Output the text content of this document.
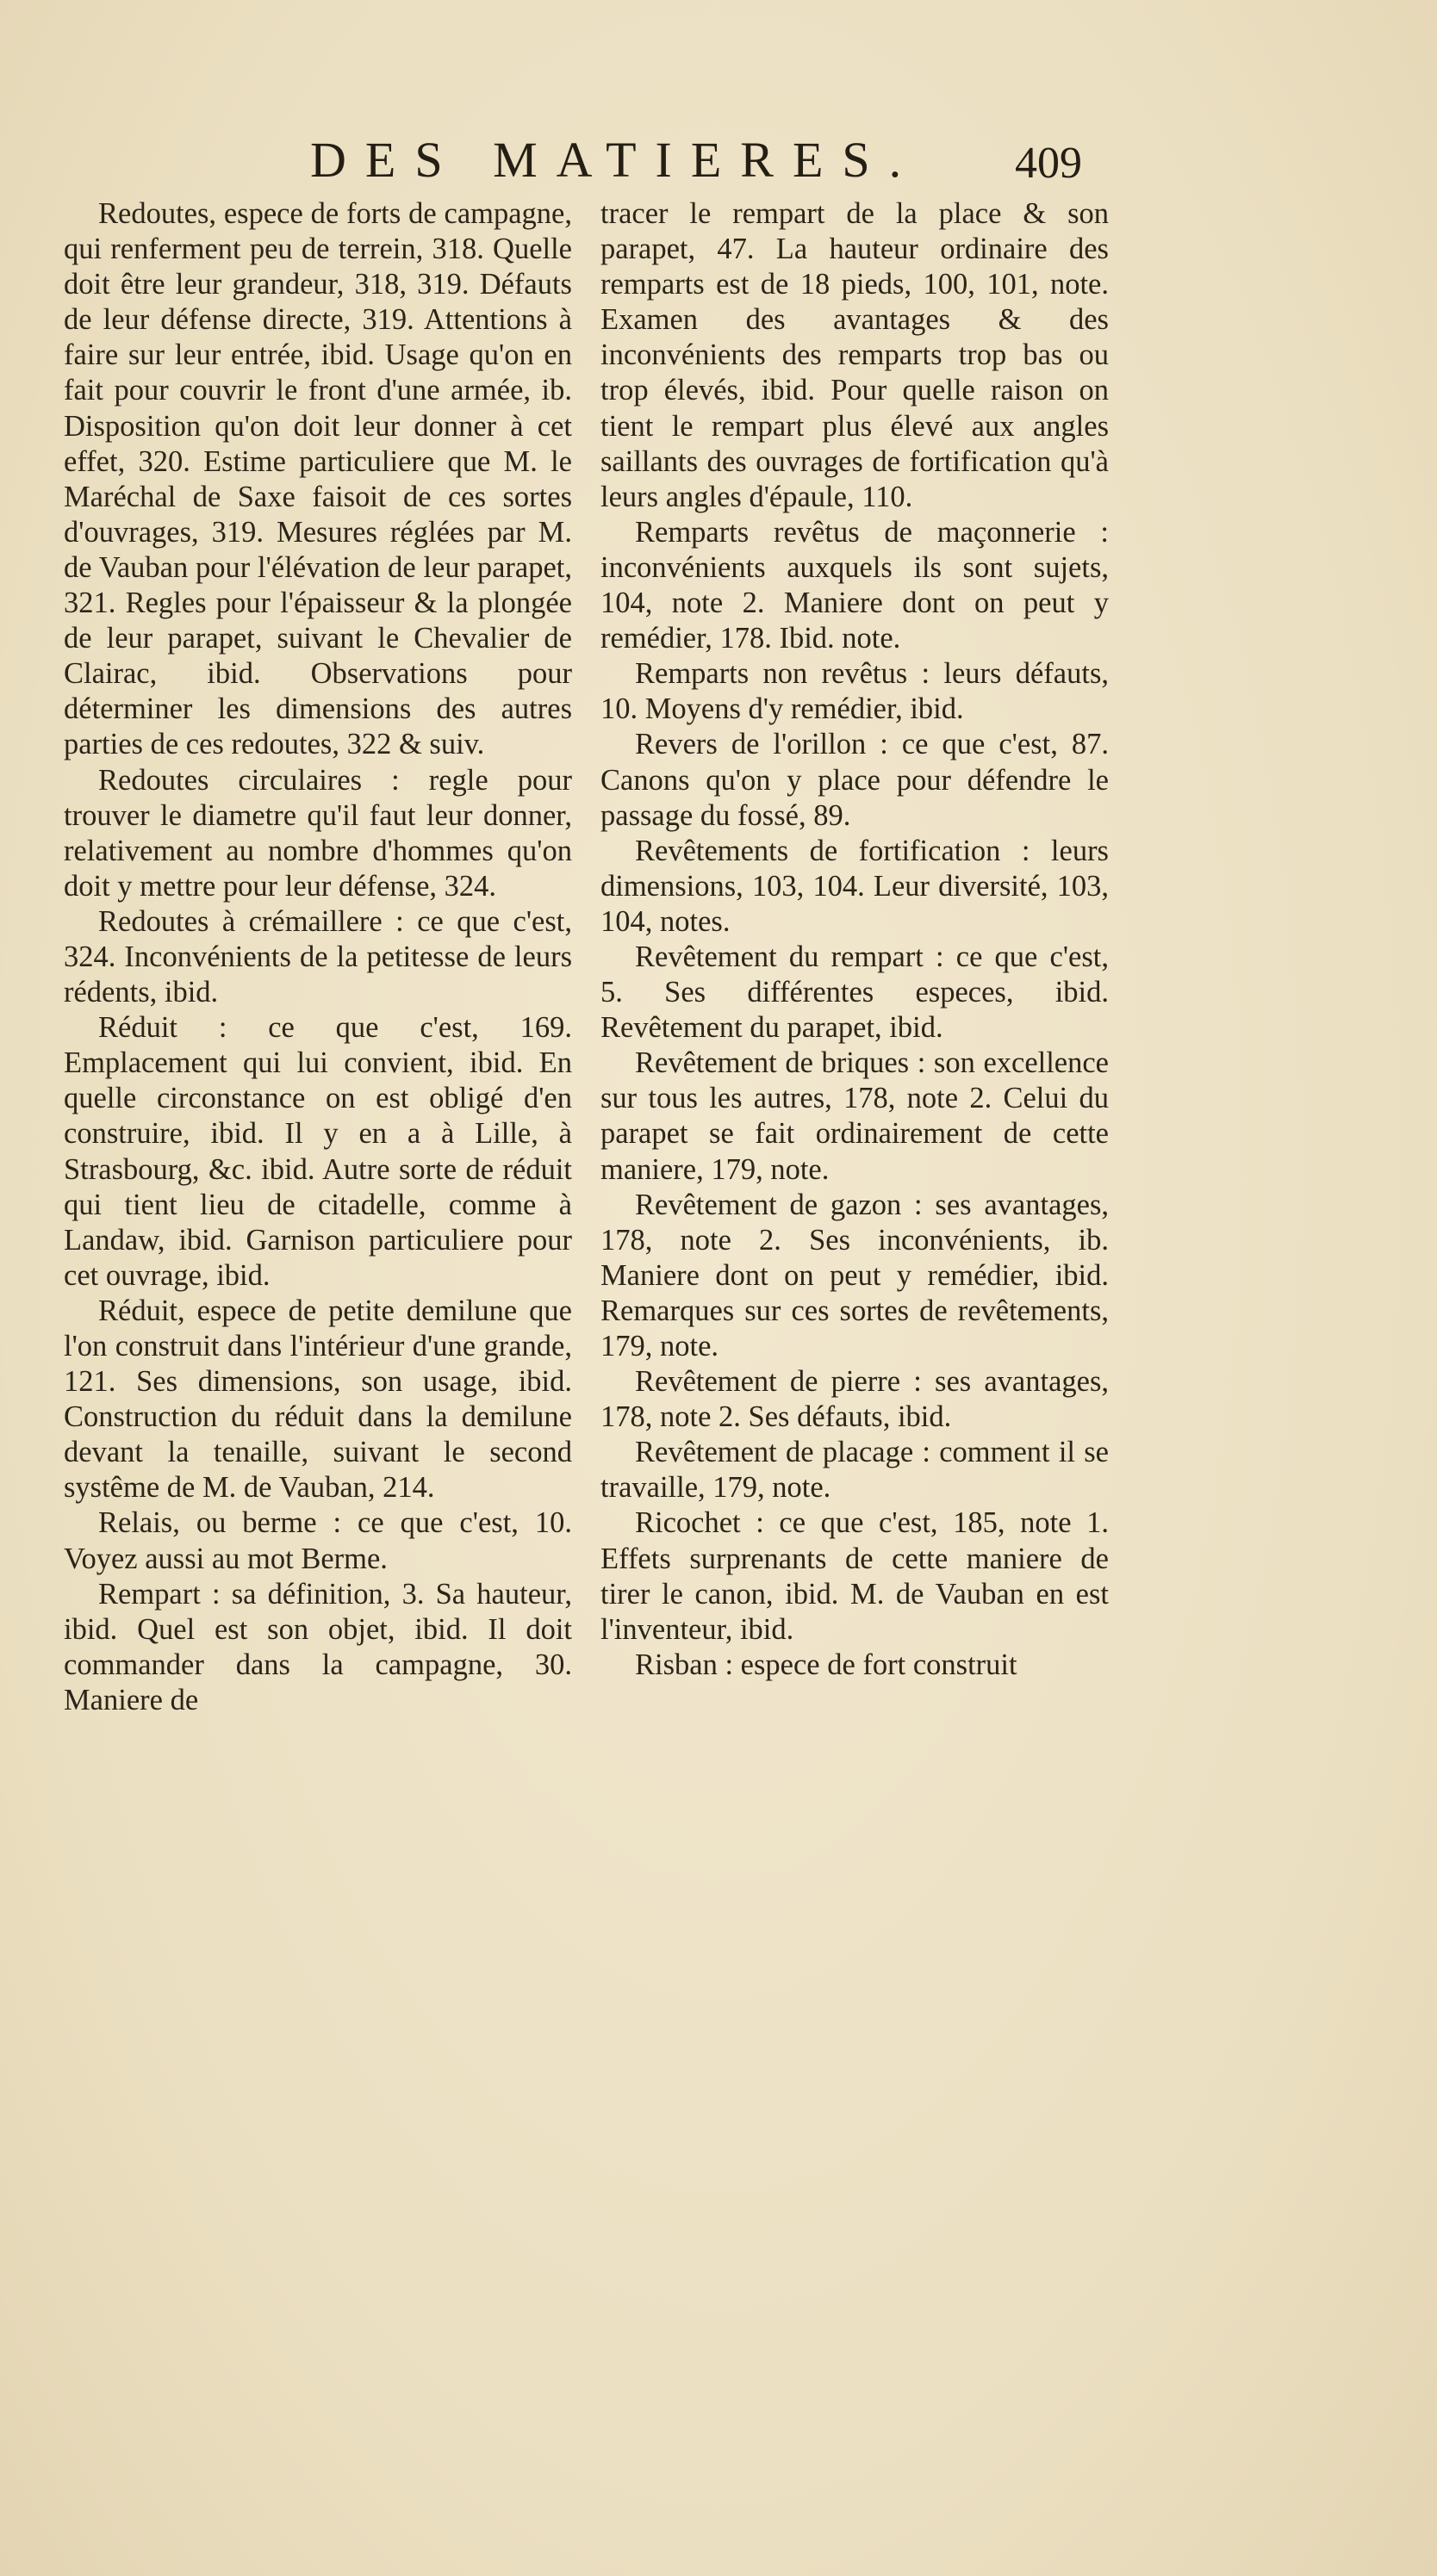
DES MATIERES. 409

Redoutes, espece de forts de campagne, qui renferment peu de terrein, 318. Quelle doit être leur grandeur, 318, 319. Défauts de leur défense directe, 319. Attentions à faire sur leur entrée, ibid. Usage qu'on en fait pour couvrir le front d'une armée, ib. Disposition qu'on doit leur donner à cet effet, 320. Estime particuliere que M. le Maréchal de Saxe faisoit de ces sortes d'ouvrages, 319. Mesures réglées par M. de Vauban pour l'élévation de leur parapet, 321. Regles pour l'épaisseur & la plongée de leur parapet, suivant le Chevalier de Clairac, ibid. Observations pour déterminer les dimensions des autres parties de ces redoutes, 322 & suiv.

Redoutes circulaires : regle pour trouver le diametre qu'il faut leur donner, relativement au nombre d'hommes qu'on doit y mettre pour leur défense, 324.

Redoutes à crémaillere : ce que c'est, 324. Inconvénients de la petitesse de leurs rédents, ibid.

Réduit : ce que c'est, 169. Emplacement qui lui convient, ibid. En quelle circonstance on est obligé d'en construire, ibid. Il y en a à Lille, à Strasbourg, &c. ibid. Autre sorte de réduit qui tient lieu de citadelle, comme à Landaw, ibid. Garnison particuliere pour cet ouvrage, ibid.

Réduit, espece de petite demilune que l'on construit dans l'intérieur d'une grande, 121. Ses dimensions, son usage, ibid. Construction du réduit dans la demilune devant la tenaille, suivant le second systême de M. de Vauban, 214.

Relais, ou berme : ce que c'est, 10. Voyez aussi au mot Berme.

Rempart : sa définition, 3. Sa hauteur, ibid. Quel est son objet, ibid. Il doit commander dans la campagne, 30. Maniere de

tracer le rempart de la place & son parapet, 47. La hauteur ordinaire des remparts est de 18 pieds, 100, 101, note. Examen des avantages & des inconvénients des remparts trop bas ou trop élevés, ibid. Pour quelle raison on tient le rempart plus élevé aux angles saillants des ouvrages de fortification qu'à leurs angles d'épaule, 110.

Remparts revêtus de maçonnerie : inconvénients auxquels ils sont sujets, 104, note 2. Maniere dont on peut y remédier, 178. Ibid. note.

Remparts non revêtus : leurs défauts, 10. Moyens d'y remédier, ibid.

Revers de l'orillon : ce que c'est, 87. Canons qu'on y place pour défendre le passage du fossé, 89.

Revêtements de fortification : leurs dimensions, 103, 104. Leur diversité, 103, 104, notes.

Revêtement du rempart : ce que c'est, 5. Ses différentes especes, ibid. Revêtement du parapet, ibid.

Revêtement de briques : son excellence sur tous les autres, 178, note 2. Celui du parapet se fait ordinairement de cette maniere, 179, note.

Revêtement de gazon : ses avantages, 178, note 2. Ses inconvénients, ib. Maniere dont on peut y remédier, ibid. Remarques sur ces sortes de revêtements, 179, note.

Revêtement de pierre : ses avantages, 178, note 2. Ses défauts, ibid.

Revêtement de placage : comment il se travaille, 179, note.

Ricochet : ce que c'est, 185, note 1. Effets surprenants de cette maniere de tirer le canon, ibid. M. de Vauban en est l'inventeur, ibid.

Risban : espece de fort construit
